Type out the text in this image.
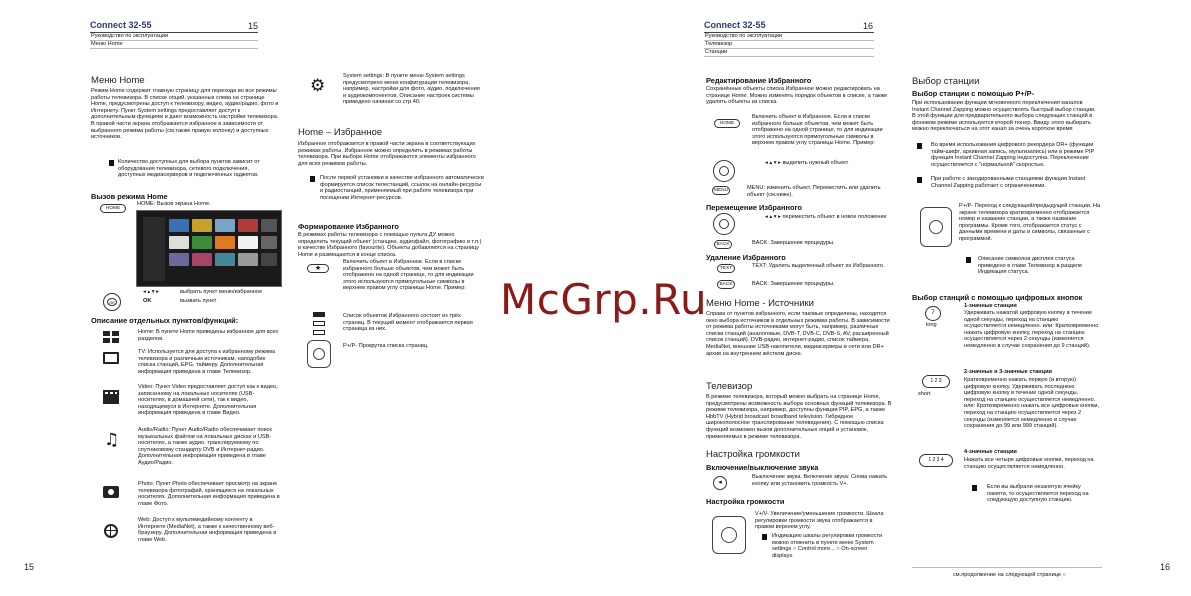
Connect 32-55	15
Руководство по эксплуатации
Меню Home
Меню Home
Режим Home содержит главную страницу для перехода во все режимы работы телевизора. В списке опций, указанных слева на странице Home, предусмотрены доступ к телевизору, видео, аудио/радио, фото и Интернету. Пункт System settings предоставляет доступ к дополнительным функциям и дают возможность настройки телевизора. В правой части экрана отображается избранное в зависимости от выбранного режима работы (см.также правую колонку) и доступных источников.
Количество доступных для выбора пунктов зависит от оборудования телевизора, сетевого подключения, доступных медиасерверов и подключённых гаджетов.
Вызов режима Home
HOME
HOME: Вызов экрана Home.
◂ ▴ ▾ ▸	выбрать пункт меню/избранное
OK	OK	вызвать пункт
Описание отдельных пунктов/функций:
♫
Home: В пункте Home приведены избранное для всех разделов.
TV: Используется для доступа к избранному режима телевизора и различным источникам, наподобие списка станций, EPG, таймеру. Дополнительная информация приведена в главе Телевизор.
Video: Пункт Video предоставляет доступ как к видео, записанному на локальных носителях (USB-носителях, в домашней сети), так к видео, находящемуся в Интернете. Дополнительная информация приведена в главе Видео.
Audio/Radio: Пункт Audio/Radio обеспечивает поиск музыкальных файлов на локальных дисках и USB-носителях, а также аудио, транслируемому по спутниковому стандарту DVB и Интернет-радио. Дополнительная информация приведена в главе Аудио/Радио.
Photo: Пункт Photo обеспечивает просмотр на экране телевизора фотографий, хранящихся на локальных носителях. Дополнительная информация приведена в главе Фото.
Web: Доступ к мультимедийному контенту в Интернете (MediaNet), а также к качественному веб-браузеру. Дополнительная информация приведена в главе Web.
⚙	System settings: В пункте меню System settings предусмотрено меню конфигурации телевизора, например, настройки для фото, аудио, подключения и аудиокомпонентов. Описание настроек системы приведено начиная со стр.40.
Home – Избранное
Избранное отображается в правой части экрана в соответствующих режимах работы. Избранное можно определить в режимах работы телевизора. При выборе Home отображаются элементы избранного для всех режимов работы.
После первой установки в качестве избранного автоматически формируется список телестанций, ссылок на онлайн-ресурсы и радиостанций, применяемый при работе телевизора при посещении Интернет-ресурсов.
Формирование Избранного
В режимах работы телевизора с помощью пульта ДУ можно определить текущий объект (станцию, аудиофайл, фотографию и т.п.) в качестве Избранного (favourite). Объекты добавляются на страницу Home и размещаются в конце списка.
★
Включить объект в Избранное. Если в списке избранного больше объектов, чем может быть отображено на одной странице, то для индикации этого используются прямоугольные символы в верхнем правом углу страницы Home. Пример:
Список объектов Избранного состоит из трёх страниц. В текущий момент отображается первая страница из них.
P+/P- Прокрутка списка страниц.
15
Connect 32-55	16
Руководство по эксплуатации
Телевизор
Станции
Редактирование Избранного
Сохранённые объекты списка Избранное можно редактировать на странице Home. Можно изменять порядок объектов в списке, а также удалять объекты из списка.
HOME
Включить объект в Избранное. Если в списке избранного больше объектов, чем может быть отображено на одной странице, то для индикации этого используются прямоугольные символы в верхнем правом углу страницы Home. Пример:
◂ ▴ ▾ ▸ выделить нужный объект
MENU	MENU: изменить объект. Переместить или удалить объект (см.ниже).
Перемещение Избранного
◂ ▴ ▾ ▸ переместить объект в новое положение
BACK	BACK: Завершение процедуры.
Удаление Избранного
TEXT	TEXT: Удалить выделенный объект из Избранного.
BACK	BACK: Завершение процедуры.
Меню Home - Источники
Справа от пунктов избранного, если таковые определены, находятся окно выбора источников в отдельных режимах работы. В зависимости от режима работы источниками могут быть, например, различные списки станций (аналоговые, DVB-T, DVB-C, DVB-S, AV, расширенный список станций). DVB-радио, интернет-радио, список таймера, MediaNet, внешние USB-накопители, медиасерверы в сети или DR+ архив на внутреннем жёстком диске.
Телевизор
В режиме телевизора, который можно выбрать на странице Home, предусмотрены возможность выбора основных функций телевизора. В режиме телевизора, например, доступны функции PIP, EPG, а также HbbTV (Hybrid broadcast broadband television. Гибридное широкополосное транслирование телевидения). С помощью списка функций возможен вызов дополнительных опций и установок, применяемых в режиме телевизора.
Настройка громкости
Включение/выключение звука
◂
Выключение звука. Включение звука: Снова нажать кнопку или установить громкость V+.
Настройка громкости
V+/V- Увеличение/уменьшение громкости. Шкала регулировки громкости звука отображается в правом верхнем углу.
Индикацию шкалы регулировки громкости можно отменить в пункте меню System settings ○ Control more... ○ On-screen displays.
Выбор станции
Выбор станции с помощью P+/P-
При использовании функции мгновенного переключения каналов Instant Channel Zapping можно осуществлять быстрый выбор станции. В этой функции для предварительного выбора следующих станций в фоновом режиме используется второй тюнер. Ввиду этого выбирать можно переключаться на этот канал за очень короткое время
Во время использования цифрового рекордера DR+ (функции тайм-шифт, архивная запись, мультизапись) или в режиме PIP функция Instant Channel Zapping недоступна. Переключение осуществляется с "нормальной" скоростью.
При работе с закодированными станциями функция Instant Channel Zapping работает с ограничениями.
P+/P- Переход к следующей/предыдущей станции. На экране телевизора кратковременно отображается номер и название станции, а также название программы. Кроме того, отображается статус с данными времени и даты и символы, связанные с программой.
Описание символов дисплея статуса приведено в главе Телевизор в разделе Индикация статуса.
Выбор станций с помощью цифровых кнопок
7
long
1-значные станции
Удерживать нажатой цифровую кнопку в течение одной секунды, переход на станцию осуществляется немедленно. или: Кратковременно нажать цифровую кнопку, переход на станцию осуществляется через 2 секунды (изменяется немедленно в случае сохранения до 9 станций).
1 2 3
short
2-значные и 3-значные станции
Кратковременно нажать первую (и вторую) цифровую кнопку. Удерживать последнюю цифровую кнопку в течение одной секунды, переход на станцию осуществляется немедленно. или: Кратковременно нажать все цифровые кнопки, переход на станцию осуществляется через 2 секунды (изменяется немедленно в случае сохранения до 99 или 999 станций).
1 2 3 4
4-значные станции
Нажать все четыре цифровые кнопки, переход на станцию осуществляется немедленно.
Если вы выбрали незанятую ячейку памяти, то осуществляется переход на следующую доступную станцию.
см.продолжение на следующей странице ○
16
McGrp.Ru
